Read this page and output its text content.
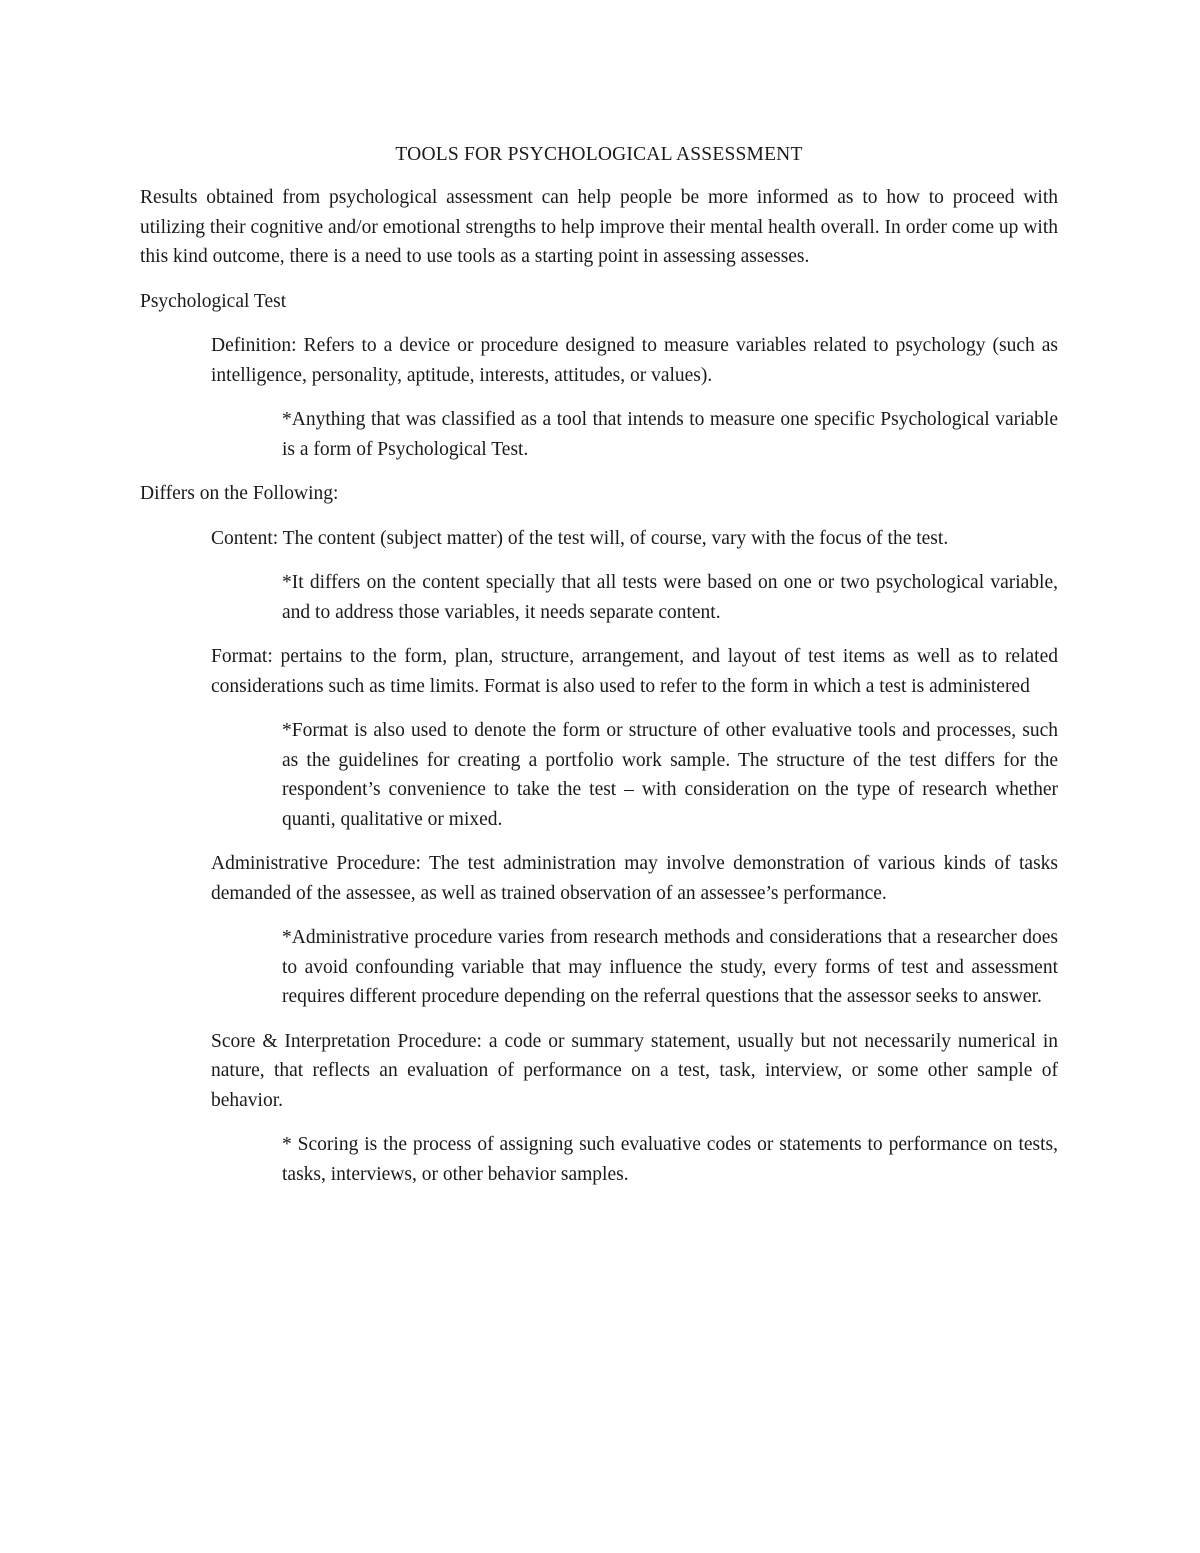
TOOLS FOR PSYCHOLOGICAL ASSESSMENT

Results obtained from psychological assessment can help people be more informed as to how to proceed with utilizing their cognitive and/or emotional strengths to help improve their mental health overall. In order come up with this kind outcome, there is a need to use tools as a starting point in assessing assesses.

Psychological Test

Definition: Refers to a device or procedure designed to measure variables related to psychology (such as intelligence, personality, aptitude, interests, attitudes, or values).

*Anything that was classified as a tool that intends to measure one specific Psychological variable is a form of Psychological Test.

Differs on the Following:

Content: The content (subject matter) of the test will, of course, vary with the focus of the test.

*It differs on the content specially that all tests were based on one or two psychological variable, and to address those variables, it needs separate content.

Format: pertains to the form, plan, structure, arrangement, and layout of test items as well as to related considerations such as time limits. Format is also used to refer to the form in which a test is administered

*Format is also used to denote the form or structure of other evaluative tools and processes, such as the guidelines for creating a portfolio work sample. The structure of the test differs for the respondent’s convenience to take the test – with consideration on the type of research whether quanti, qualitative or mixed.

Administrative Procedure: The test administration may involve demonstration of various kinds of tasks demanded of the assessee, as well as trained observation of an assessee’s performance.

*Administrative procedure varies from research methods and considerations that a researcher does to avoid confounding variable that may influence the study, every forms of test and assessment requires different procedure depending on the referral questions that the assessor seeks to answer.

Score & Interpretation Procedure: a code or summary statement, usually but not necessarily numerical in nature, that reflects an evaluation of performance on a test, task, interview, or some other sample of behavior.

* Scoring is the process of assigning such evaluative codes or statements to performance on tests, tasks, interviews, or other behavior samples.
